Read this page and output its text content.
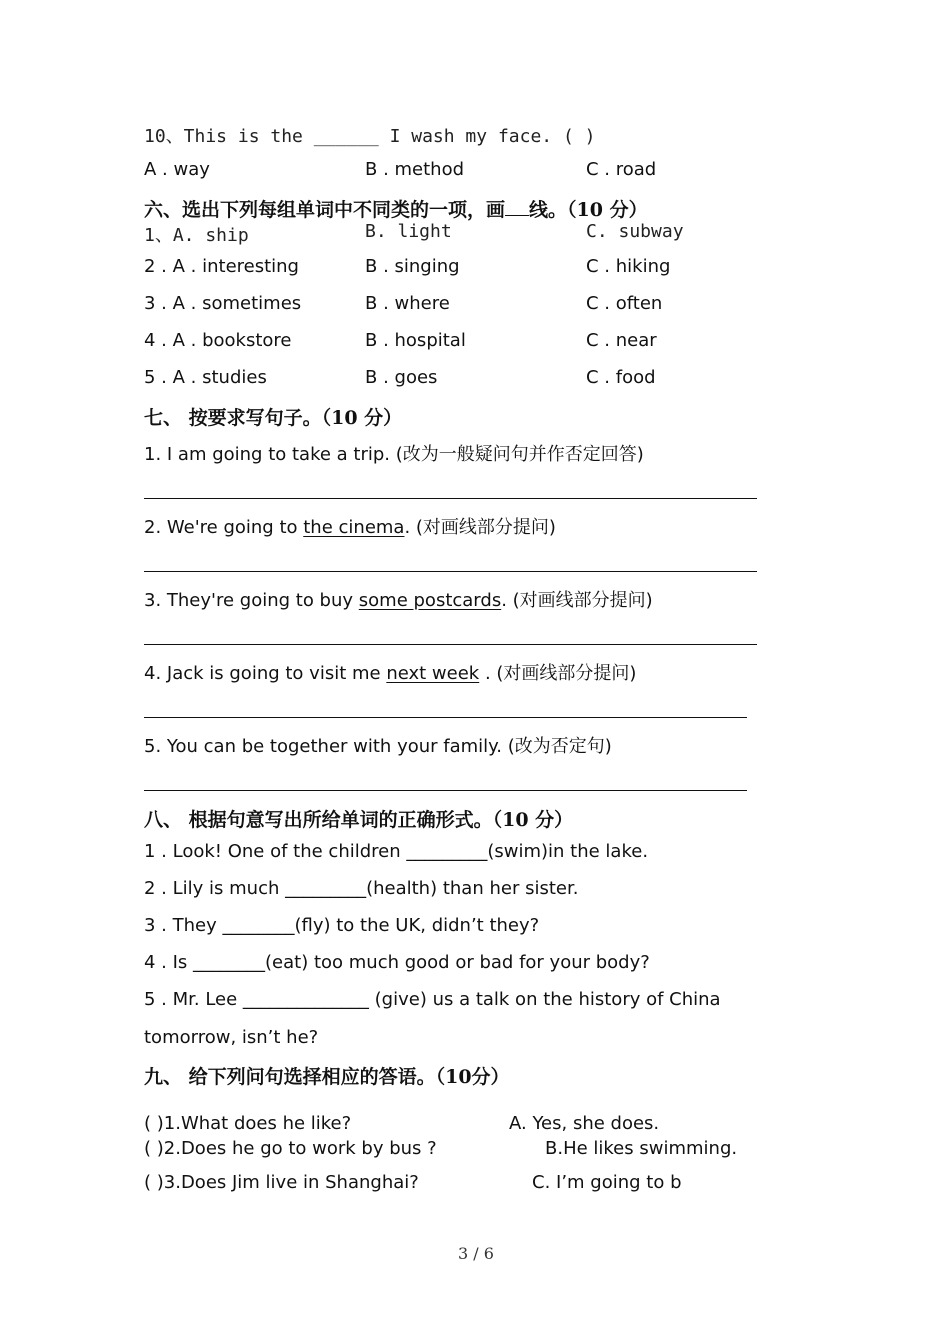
10、This is the ______ I wash my face. ( )
A . way	B . method	C . road
六、选出下列每组单词中不同类的一项，画 线。（10 分）
1、A. ship	B. light	C. subway
2 . A . interesting	B . singing	C . hiking
3 . A . sometimes	B . where	C . often
4 . A . bookstore	B . hospital	C . near
5 . A . studies	B . goes	C . food
七、 按要求写句子。（10 分）
1. I am going to take a trip. (改为一般疑问句并作否定回答)
2. We're going to the cinema. (对画线部分提问)
3. They're going to buy some postcards. (对画线部分提问)
4. Jack is going to visit me next week . (对画线部分提问)
5. You can be together with your family. (改为否定句)
八、 根据句意写出所给单词的正确形式。（10 分）
1 . Look! One of the children _________(swim)in the lake.
2 . Lily is much _________(health) than her sister.
3 . They ________(fly) to the UK, didn’t they?
4 . Is ________(eat) too much good or bad for your body?
5 . Mr. Lee ______________ (give) us a talk on the history of China
tomorrow, isn’t he?
九、 给下列问句选择相应的答语。（10分）
( )1.What does he like?	A. Yes, she does.
( )2.Does he go to work by bus ?	B.He likes swimming.
( )3.Does Jim live in Shanghai?	C. I’m going to b
3 / 6
